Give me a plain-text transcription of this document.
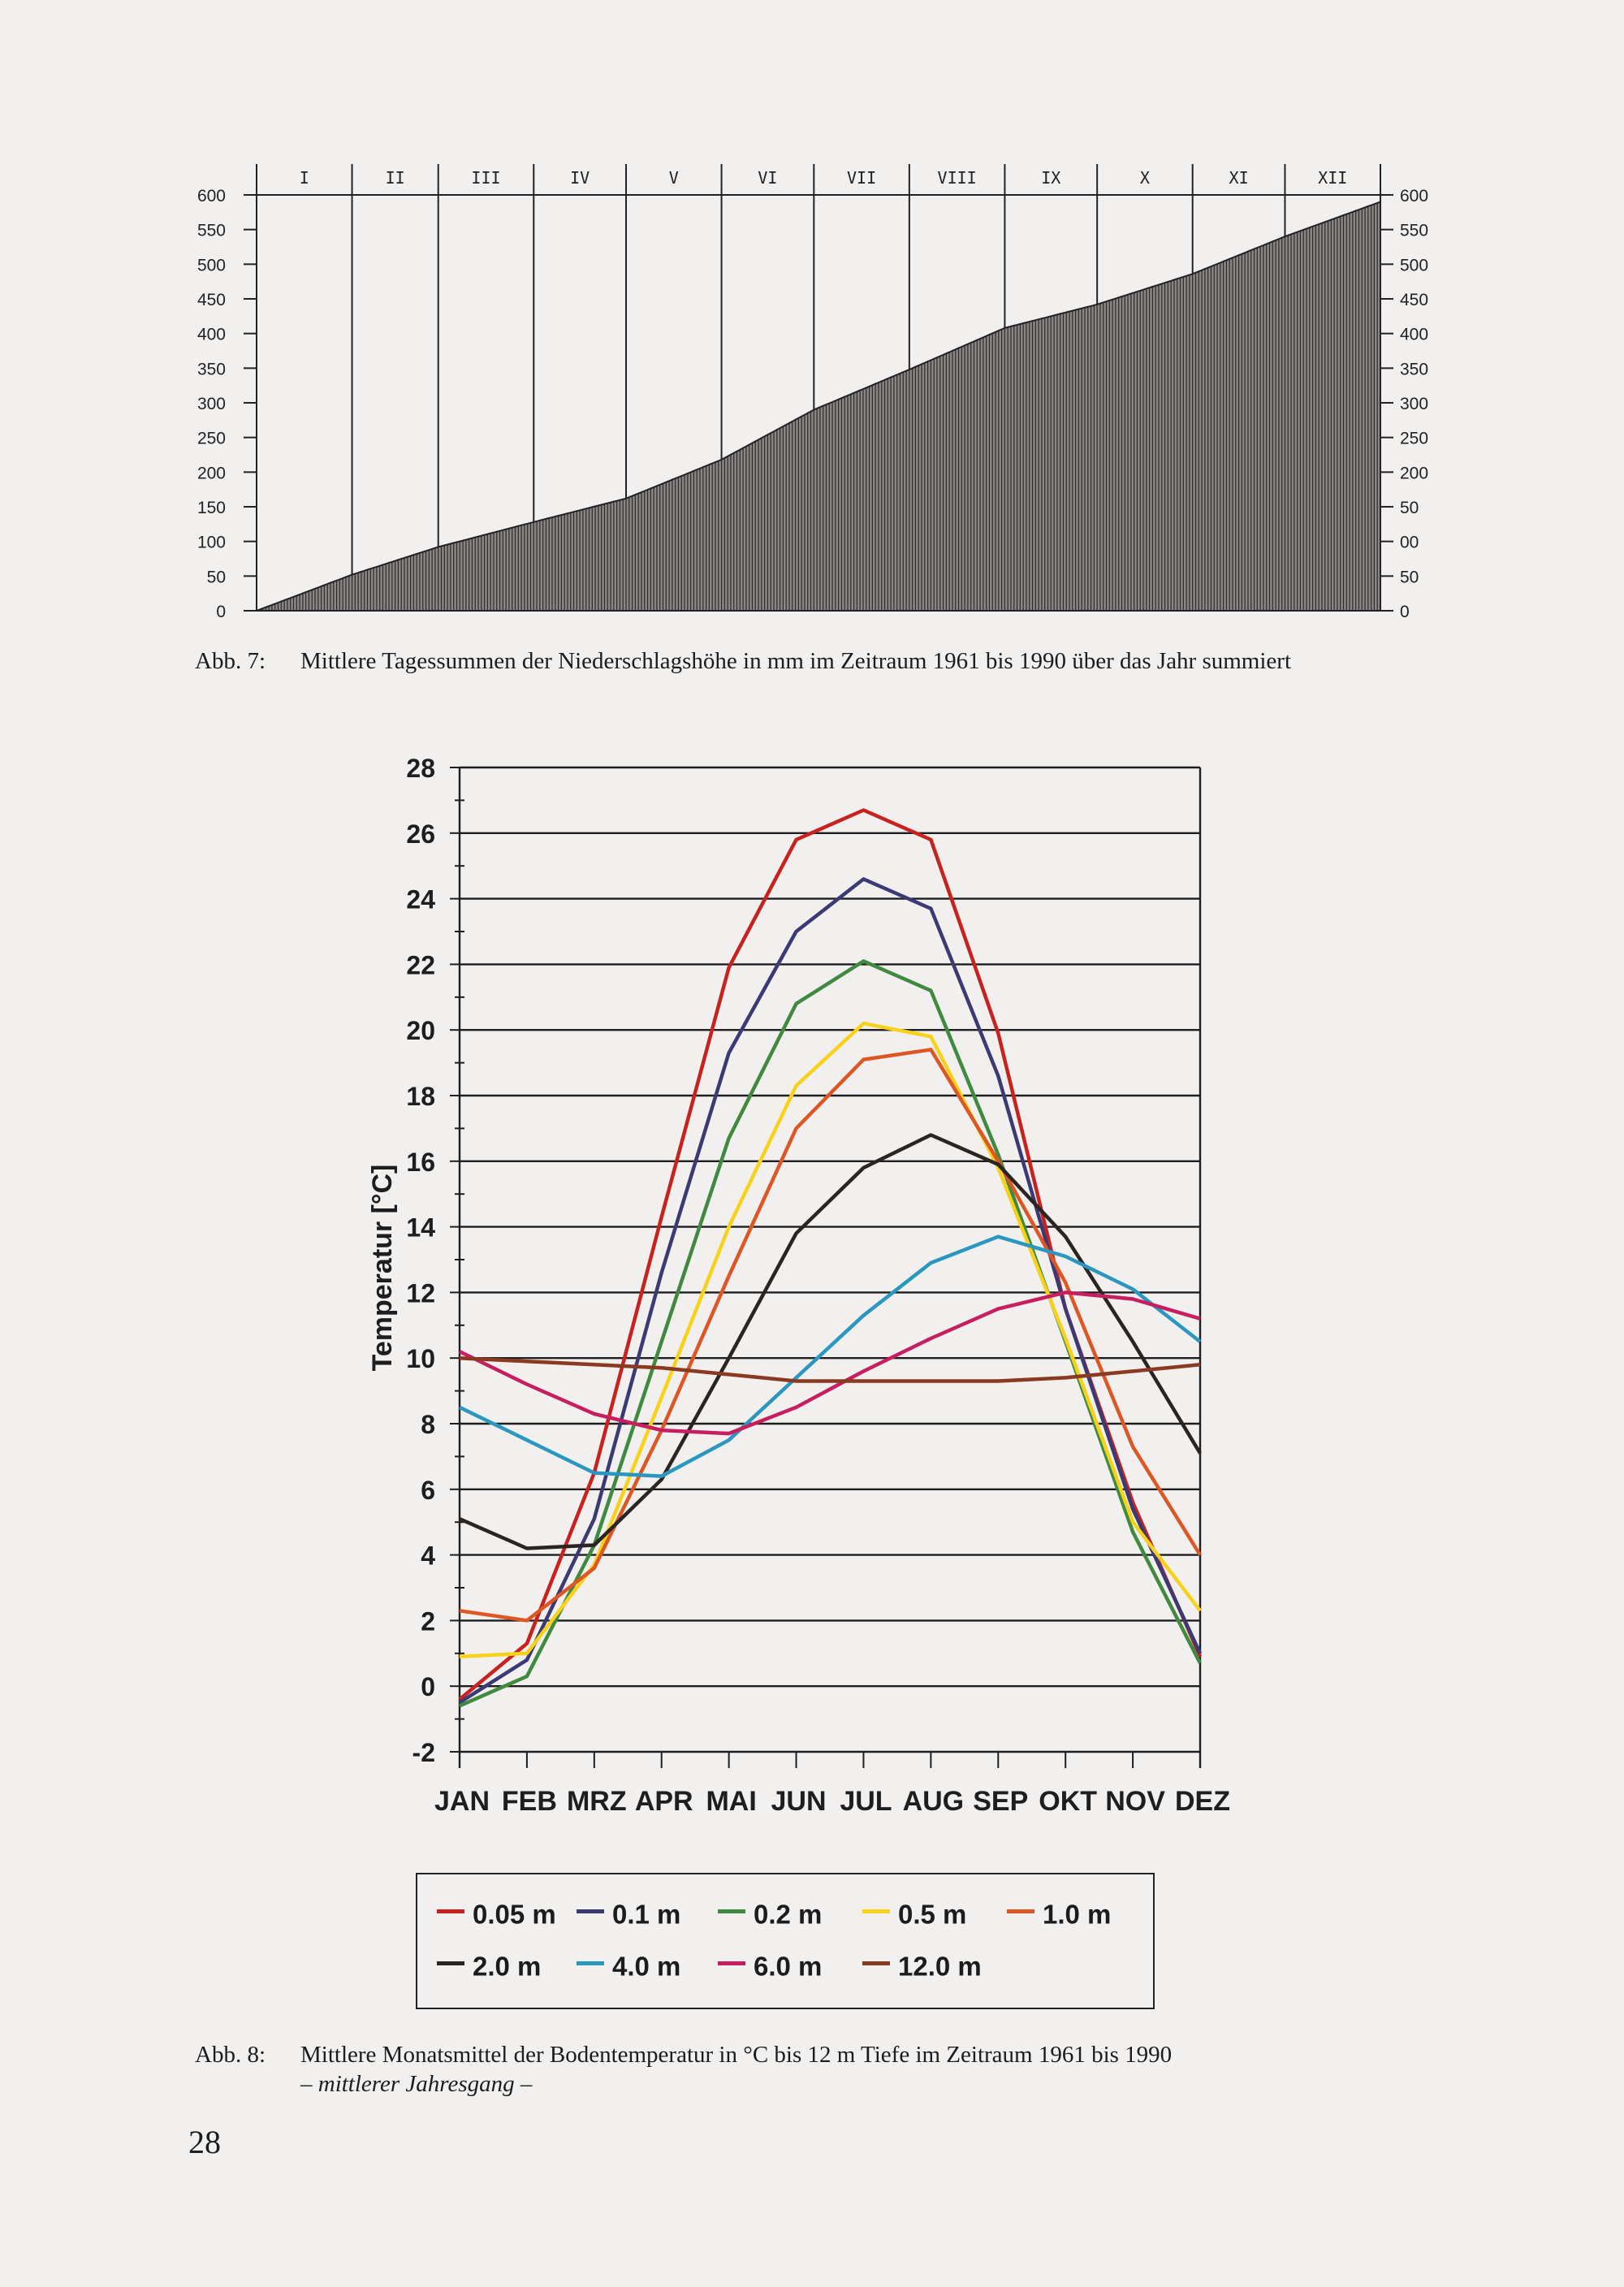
I	II	III	IV	V	VI	VII	VIII	IX	X	XI	XII
0
50
100
150
200
250
300
350
400
450
500
550
600
0
50
00
50
200
250
300
350
400
450
500
550
600
Abb. 7: Mittlere Tagessummen der Niederschlagshöhe in mm im Zeitraum 1961 bis 1990 über das Jahr summiert
-2
0
2
4
6
8
10
12
14
16
18
20
22
24
26
28
JAN FEB MRZ APR MAI JUN JUL AUG SEP OKT NOV DEZ
Temperatur [°C]
0.05 m	0.1 m	0.2 m	0.5 m	1.0 m
2.0 m	4.0 m	6.0 m	12.0 m
Abb. 8: Mittlere Monatsmittel der Bodentemperatur in °C bis 12 m Tiefe im Zeitraum 1961 bis 1990
– mittlerer Jahresgang –
28
